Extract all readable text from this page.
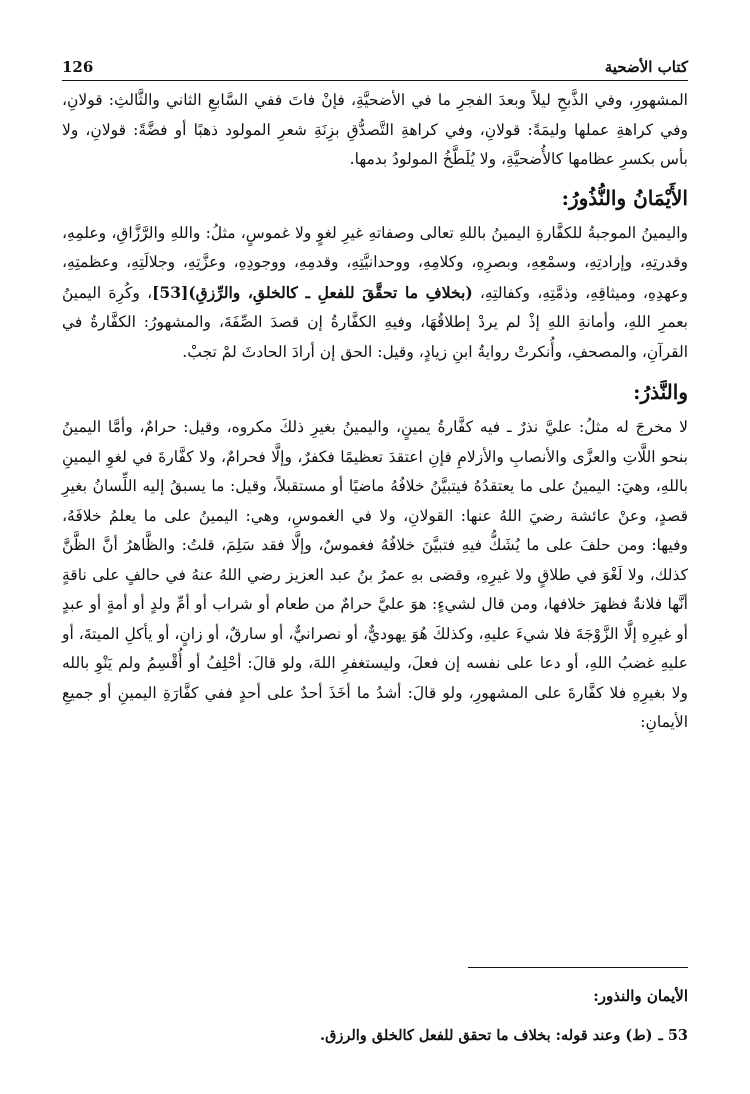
126	كتاب الأضحية

المشهورِ، وفي الذَّبحِ ليلاً وبعدَ الفجرِ ما في الأضحيَّةِ، فإنْ فاتَ ففي السَّابعِ الثاني والثَّالثِ: قولانِ، وفي كراهةِ عملها وليمَةً: قولانِ، وفي كراهةِ التَّصدُّقِ بزِنَةِ شعرِ المولود ذهبًا أو فضَّةً: قولانِ، ولا بأس بكسرِ عظامها كالأُضحيَّةِ، ولا يُلَطَّخُ المولودُ بدمها.

الأَيْمَانُ والنُّذُورُ:

واليمينُ الموجبةُ للكفَّارةِ اليمينُ باللهِ تعالى وصفاتهِ غيرِ لغوٍ ولا غموسٍ، مثلُ: واللهِ والرَّزَّاقِ، وعلمِهِ، وقدرتِهِ، وإرادتِهِ، وسمْعِهِ، وبصرِهِ، وكلامِهِ، ووحدانيَّتِهِ، وقدمِهِ، ووجودِهِ، وعزَّتِهِ، وجلالَتِهِ، وعظمتِهِ، وعهدِهِ، وميثاقِهِ، وذمَّتِهِ، وكفالتِهِ، (بخلافِ ما تحقَّقَ للفعلِ ـ كالخلقِ، والرِّزقِ)[53]، وكُرِهَ اليمينُ بعمرِ اللهِ، وأمانةِ اللهِ إذْ لم يردْ إطلاقُهَا، وفيهِ الكفَّارةُ إن قصدَ الصِّفَةَ، والمشهورُ: الكفَّارةُ في القرآنِ، والمصحفِ، وأُنكرتْ روايةُ ابنِ زيادٍ، وقيل: الحق إن أرادَ الحادثَ لمْ تجبْ.

والنَّذرُ:

لا مخرجَ له مثلُ: عليَّ نذرٌ ـ فيه كفَّارةُ يمينٍ، واليمينُ بغيرِ ذلكَ مكروه، وقيل: حرامٌ، وأمَّا اليمينُ بنحو اللَّاتِ والعزَّى والأنصابِ والأزلامِ فإنِ اعتقدَ تعظيمًا فكفرٌ، وإلَّا فحرامٌ، ولا كفَّارةَ في لغوِ اليمينِ باللهِ، وهيَ: اليمينُ على ما يعتقدُهُ فيتبيَّنُ خلافُهُ ماضيًا أو مستقبلاً، وقيل: ما يسبقُ إليه اللِّسانُ بغيرِ قصدٍ، وعنْ عائشة رضيَ اللهُ عنها: القولانِ، ولا في الغموسِ، وهي: اليمينُ على ما يعلمُ خلافَهُ، وفيها: ومن حلفَ على ما يُشَكُّ فيهِ فتبيَّنَ خلافُهُ فغموسٌ، وإلَّا فقد سَلِمَ، قلتُ: والظَّاهرُ أنَّ الظَّنَّ كذلك، ولا لَغْوَ في طلاقٍ ولا غيرِهِ، وقضى بهِ عمرُ بنُ عبد العزيز رضي اللهُ عنهُ في حالفٍ على ناقةٍ أنَّها فلانةٌ فظهرَ خلافها، ومن قال لشيءٍ: هوَ عليَّ حرامٌ من طعام أو شراب أو أمِّ ولدٍ أو أمةٍ أو عبدٍ أو غيرِهِ إلَّا الزَّوْجَةَ فلا شيءَ عليهِ، وكذلكَ هُوَ يهوديٌّ، أو نصرانيٌّ، أو سارقٌ، أو زانٍ، أو يأكلِ الميتةَ، أو عليهِ غضبُ اللهِ، أو دعا على نفسه إن فعلَ، وليستغفرِ اللهَ، ولو قالَ: أحْلِفُ أو أُقْسِمُ ولم يَنْوِ بالله ولا بغيرِهِ فلا كفَّارةَ على المشهورِ، ولو قالَ: أشدُ ما أخَذَ أحدٌ على أحدٍ ففي كفَّارَةِ اليمينِ أو جميعِ الأيمانِ:

الأيمان والنذور:
53 ـ(ط) وعند قوله: بخلاف ما تحقق للفعل كالخلق والرزق.
